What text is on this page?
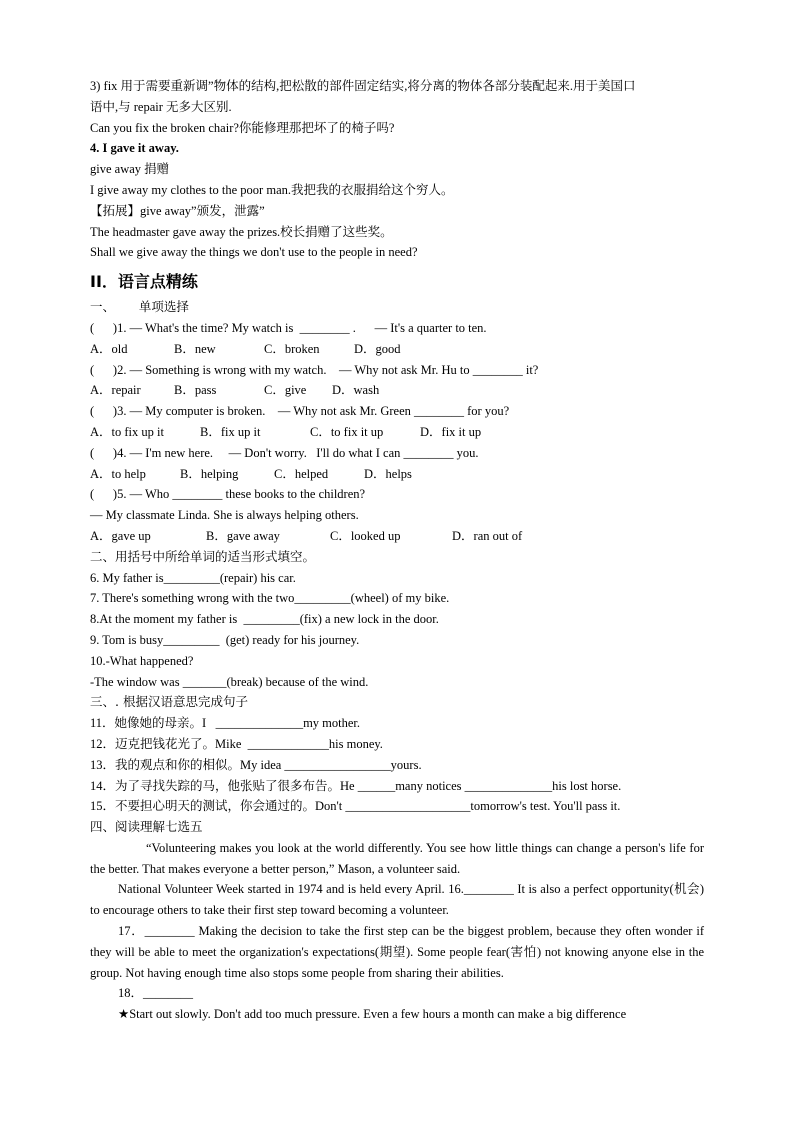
3) fix 用于需要重新调”物体的结构,把松散的部件固定结实,将分离的物体各部分装配起来.用于美国口
语中,与 repair 无多大区别.
Can you fix the broken chair?你能修理那把坏了的椅子吗?
4. I gave it away.
give away 捐赠
I give away my clothes to the poor man.我把我的衣服捐给这个穷人。
【拓展】give away”颁发，泄露”
The headmaster gave away the prizes.校长捐赠了这些奖。
Shall we give away the things we don't use to the people in need?
II．语言点精练
一、      单项选择
(      )1. — What's the time? My watch is  ________ .      — It's a quarter to ten.
A．old	B．new	C．broken	D．good
(      )2. — Something is wrong with my watch.    — Why not ask Mr. Hu to ________ it?
A．repair	B．pass	C．give D．wash
(      )3. — My computer is broken.    — Why not ask Mr. Green ________ for you?
A．to fix up it	B．fix up it	C．to fix it up	D．fix it up
(      )4. — I'm new here.     — Don't worry.   I'll do what I can ________ you.
A．to help	B．helping	C．helped	D．helps
(      )5. — Who ________ these books to the children?
— My classmate Linda. She is always helping others.
A．gave up	B．gave away	C．looked up	D．ran out of
二、用括号中所给单词的适当形式填空。
6. My father is_________(repair) his car.
7. There's something wrong with the two_________(wheel) of my bike.
8.At the moment my father is  _________(fix) a new lock in the door.
9. Tom is busy_________  (get) ready for his journey.
10.-What happened?
-The window was _______(break) because of the wind.
三、. 根据汉语意思完成句子
11．她像她的母亲。I   ______________my mother.
12．迈克把钱花光了。Mike  _____________his money.
13．我的观点和你的相似。My idea _________________yours.
14．为了寻找失踪的马，他张贴了很多布告。He ______many notices ______________his lost horse.
15．不要担心明天的测试，你会通过的。Don't ____________________tomorrow's test. You'll pass it.
四、阅读理解七选五
“Volunteering makes you look at the world differently. You see how little things can change a person's life for the better. That makes everyone a better person,” Mason, a volunteer said.
National Volunteer Week started in 1974 and is held every April. 16.________ It is also a perfect opportunity(机会) to encourage others to take their first step toward becoming a volunteer.
17．________ Making the decision to take the first step can be the biggest problem, because they often wonder if they will be able to meet the organization's expectations(期望). Some people fear(害怕) not knowing anyone else in the group. Not having enough time also stops some people from sharing their abilities.
18．________
★Start out slowly. Don't add too much pressure. Even a few hours a month can make a big difference
